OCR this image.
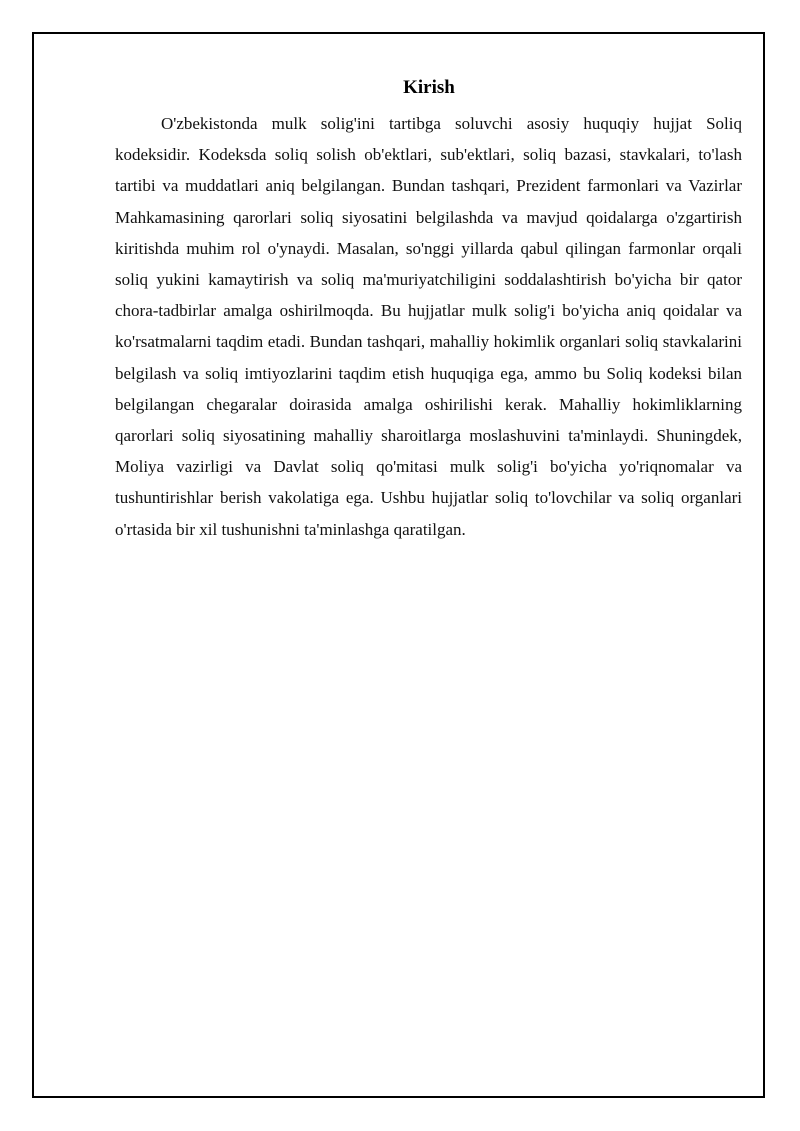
Kirish

O'zbekistonda mulk solig'ini tartibga soluvchi asosiy huquqiy hujjat Soliq kodeksidir. Kodeksda soliq solish ob'ektlari, sub'ektlari, soliq bazasi, stavkalari, to'lash tartibi va muddatlari aniq belgilangan. Bundan tashqari, Prezident farmonlari va Vazirlar Mahkamasining qarorlari soliq siyosatini belgilashda va mavjud qoidalarga o'zgartirish kiritishda muhim rol o'ynaydi. Masalan, so'nggi yillarda qabul qilingan farmonlar orqali soliq yukini kamaytirish va soliq ma'muriyatchiligini soddalashtirish bo'yicha bir qator chora-tadbirlar amalga oshirilmoqda. Bu hujjatlar mulk solig'i bo'yicha aniq qoidalar va ko'rsatmalarni taqdim etadi. Bundan tashqari, mahalliy hokimlik organlari soliq stavkalarini belgilash va soliq imtiyozlarini taqdim etish huquqiga ega, ammo bu Soliq kodeksi bilan belgilangan chegaralar doirasida amalga oshirilishi kerak. Mahalliy hokimliklarning qarorlari soliq siyosatining mahalliy sharoitlarga moslashuvini ta'minlaydi. Shuningdek, Moliya vazirligi va Davlat soliq qo'mitasi mulk solig'i bo'yicha yo'riqnomalar va tushuntirishlar berish vakolatiga ega. Ushbu hujjatlar soliq to'lovchilar va soliq organlari o'rtasida bir xil tushunishni ta'minlashga qaratilgan.
